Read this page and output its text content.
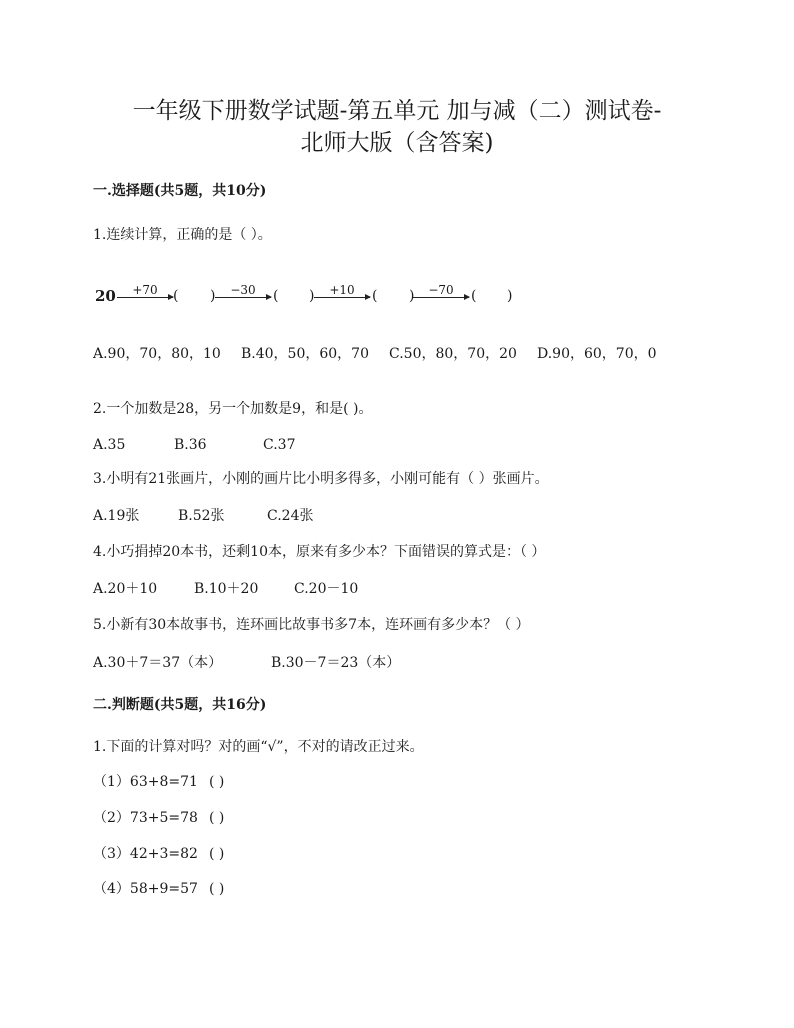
一年级下册数学试题-第五单元 加与减（二）测试卷-
北师大版（含答案)
一.选择题(共5题，共10分)
1.连续计算，正确的是（ ）。
20	+70	( )	−30	( )	+10	( )	−70	( )
A.90，70，80，10 B.40，50，60，70 C.50，80，70，20 D.90，60，70，0
2.一个加数是28，另一个加数是9，和是( )。
A.35	B.36	C.37
3.小明有21张画片，小刚的画片比小明多得多，小刚可能有（ ）张画片。
A.19张	B.52张	C.24张
4.小巧捐掉20本书，还剩10本，原来有多少本？下面错误的算式是：（ ）
A.20＋10	B.10＋20	C.20－10
5.小新有30本故事书，连环画比故事书多7本，连环画有多少本？（ ）
A.30＋7＝37（本）	B.30－7＝23（本）
二.判断题(共5题，共16分)
1.下面的计算对吗？对的画“√”，不对的请改正过来。
（1）63+8=71 ( )
（2）73+5=78 ( )
（3）42+3=82 ( )
（4）58+9=57 ( )
